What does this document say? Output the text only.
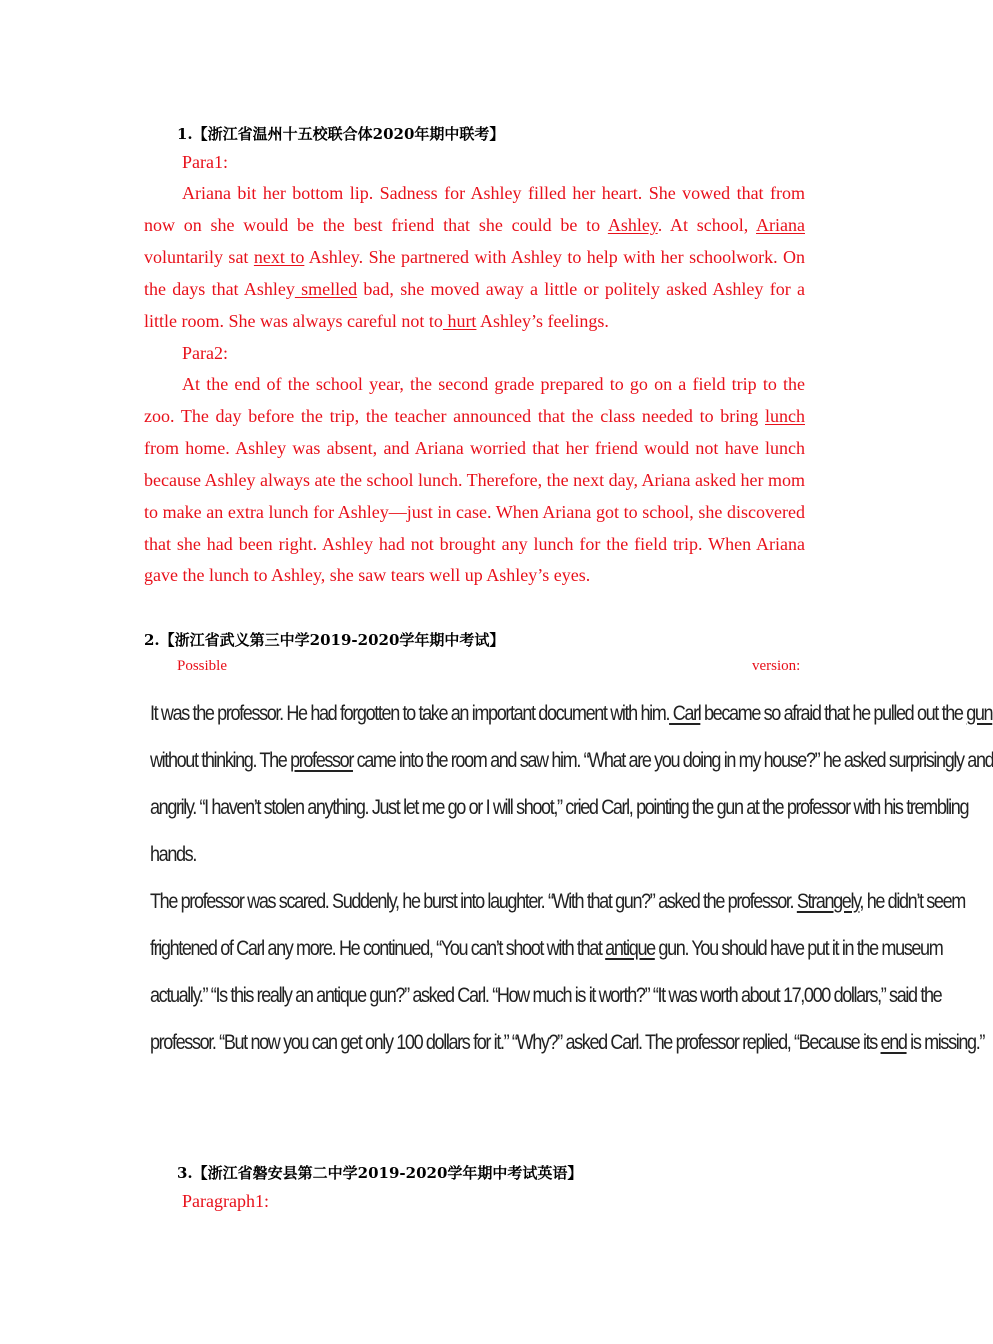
1.【浙江省温州十五校联合体2020年期中联考】
Para1:

Ariana bit her bottom lip. Sadness for Ashley filled her heart. She vowed that from now on she would be the best friend that she could be to Ashley. At school, Ariana voluntarily sat next to Ashley. She partnered with Ashley to help with her schoolwork. On the days that Ashley smelled bad, she moved away a little or politely asked Ashley for a little room. She was always careful not to hurt Ashley’s feelings.

Para2:

At the end of the school year, the second grade prepared to go on a field trip to the zoo. The day before the trip, the teacher announced that the class needed to bring lunch from home. Ashley was absent, and Ariana worried that her friend would not have lunch because Ashley always ate the school lunch. Therefore, the next day, Ariana asked her mom to make an extra lunch for Ashley—just in case. When Ariana got to school, she discovered that she had been right. Ashley had not brought any lunch for the field trip. When Ariana gave the lunch to Ashley, she saw tears well up Ashley’s eyes.

2.【浙江省武义第三中学2019-2020学年期中考试】
Possible	version:
It was the professor. He had forgotten to take an important document with him. Carl became so afraid that he pulled out the gun
without thinking. The professor came into the room and saw him. “What are you doing in my house?” he asked surprisingly and
angrily. “I haven’t stolen anything. Just let me go or I will shoot,” cried Carl, pointing the gun at the professor with his trembling
hands.
The professor was scared. Suddenly, he burst into laughter. “With that gun?” asked the professor. Strangely, he didn’t seem
frightened of Carl any more. He continued, “You can’t shoot with that antique gun. You should have put it in the museum
actually.” “Is this really an antique gun?” asked Carl. “How much is it worth?” “It was worth about 17,000 dollars,” said the
professor. “But now you can get only 100 dollars for it.” “Why?” asked Carl. The professor replied, “Because its end is missing.”
3.【浙江省磐安县第二中学2019-2020学年期中考试英语】
Paragraph1:
